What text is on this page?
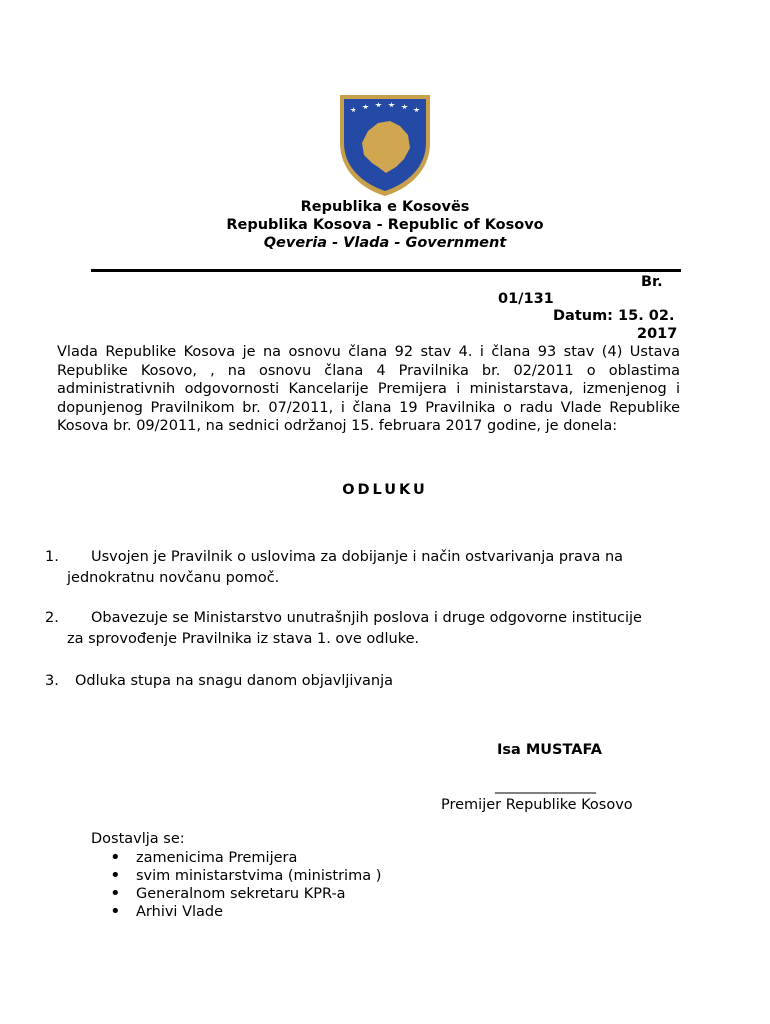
Republika e Kosovës
Republika Kosova - Republic of Kosovo
Qeveria - Vlada - Government
Br.
01/131
Datum: 15. 02.
2017

Vlada Republike Kosova je na osnovu člana 92 stav 4. i člana 93 stav (4) Ustava Republike Kosovo, , na osnovu člana 4 Pravilnika br. 02/2011 o oblastima administrativnih odgovornosti Kancelarije Premijera i ministarstava, izmenjenog i dopunjenog Pravilnikom br. 07/2011, i člana 19 Pravilnika o radu Vlade Republike Kosova br. 09/2011, na sednici održanoj 15. februara 2017 godine, je donela:

ODLUKU
1. Usvojen je Pravilnik o uslovima za dobijanje i način ostvarivanja prava na
jednokratnu novčanu pomoč.
2. Obavezuje se Ministarstvo unutrašnjih poslova i druge odgovorne institucije
za sprovođenje Pravilnika iz stava 1. ove odluke.
3. Odluka stupa na snagu danom objavljivanja
Isa MUSTAFA
________________
Premijer Republike Kosovo
Dostavlja se:
• zamenicima Premijera
• svim ministarstvima (ministrima )
• Generalnom sekretaru KPR-a
• Arhivi Vlade
